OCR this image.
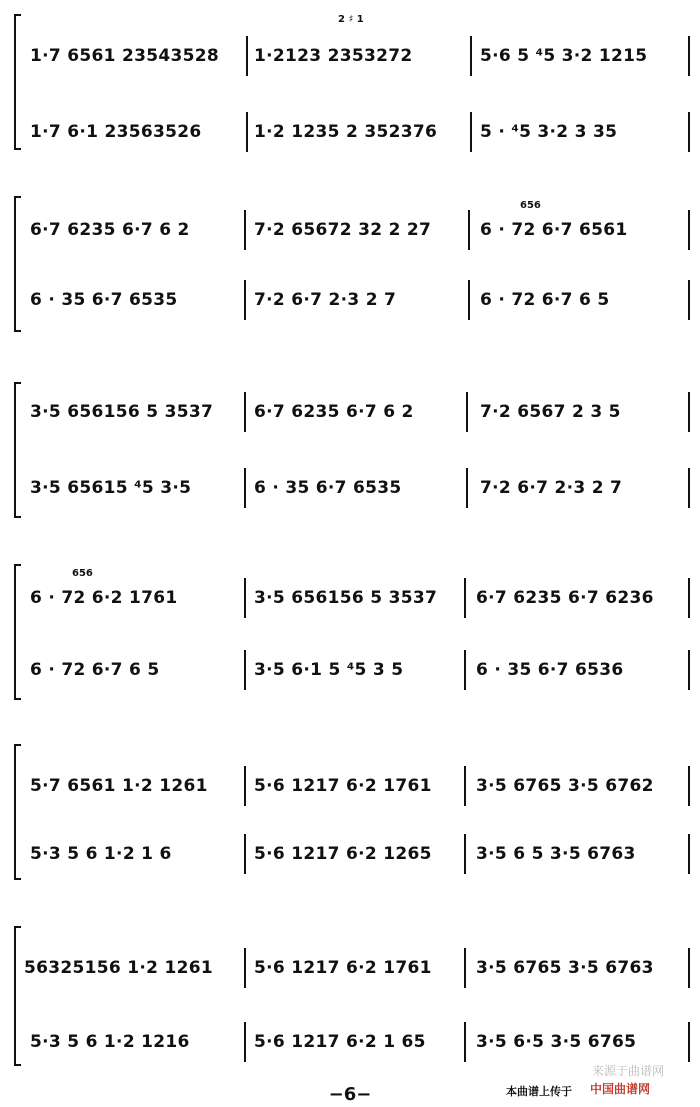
1·7 6561 23543528	1·2123 2353272	5·6 5 ⁴5 3·2 1215
2 ♯ 1
1·7 6·1 23563526	1·2 1235 2 352376	5 · ⁴5 3·2 3 35
656
6·7 6235 6·7 6 2	7·2 65672 32 2 27	6 · 72 6·7 6561
6 · 35 6·7 6535	7·2 6·7 2·3 2 7	6 · 72 6·7 6 5
3·5 656156 5 3537	6·7 6235 6·7 6 2	7·2 6567 2 3 5
3·5 65615 ⁴5 3·5	6 · 35 6·7 6535	7·2 6·7 2·3 2 7
656
6 · 72 6·2 1761	3·5 656156 5 3537	6·7 6235 6·7 6236
6 · 72 6·7 6 5	3·5 6·1 5 ⁴5 3 5	6 · 35 6·7 6536
5·7 6561 1·2 1261	5·6 1217 6·2 1761	3·5 6765 3·5 6762
5·3 5 6 1·2 1 6	5·6 1217 6·2 1265	3·5 6 5 3·5 6763
56325156 1·2 1261	5·6 1217 6·2 1761	3·5 6765 3·5 6763
5·3 5 6 1·2 1216	5·6 1217 6·2 1 65	3·5 6·5 3·5 6765
−6−	本曲谱上传于 中国曲谱网
来源于曲谱网
